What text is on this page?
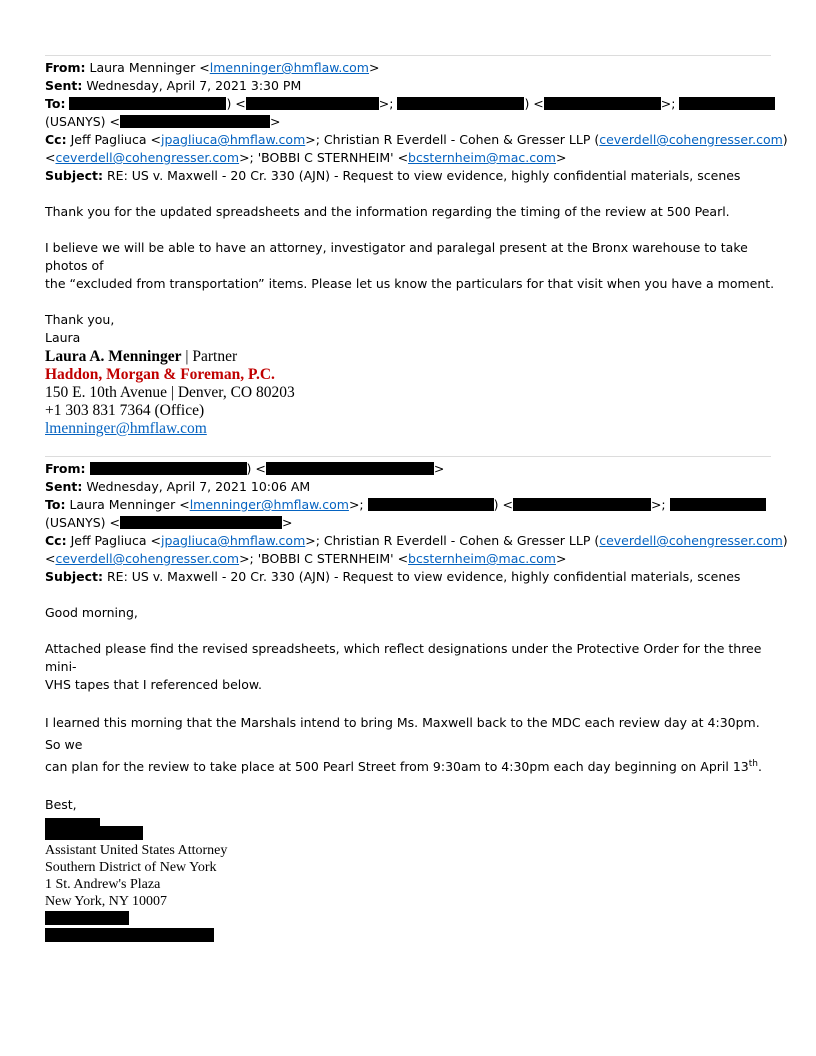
From: Laura Menninger <lmenninger@hmflaw.com>
Sent: Wednesday, April 7, 2021 3:30 PM
To:	) <	>;	) <	>;
(USANYS) <	>
Cc: Jeff Pagliuca <jpagliuca@hmflaw.com>; Christian R Everdell - Cohen & Gresser LLP (ceverdell@cohengresser.com)
<ceverdell@cohengresser.com>; 'BOBBI C STERNHEIM' <bcsternheim@mac.com>
Subject: RE: US v. Maxwell - 20 Cr. 330 (AJN) - Request to view evidence, highly confidential materials, scenes

Thank you for the updated spreadsheets and the information regarding the timing of the review at 500 Pearl.

I believe we will be able to have an attorney, investigator and paralegal present at the Bronx warehouse to take photos of
the “excluded from transportation” items. Please let us know the particulars for that visit when you have a moment.

Thank you,
Laura

Laura A. Menninger | Partner
Haddon, Morgan & Foreman, P.C.
150 E. 10th Avenue | Denver, CO 80203
+1 303 831 7364 (Office)
lmenninger@hmflaw.com
From:	) <	>
Sent: Wednesday, April 7, 2021 10:06 AM
To: Laura Menninger <lmenninger@hmflaw.com>;	) <	>;
(USANYS) <	>
Cc: Jeff Pagliuca <jpagliuca@hmflaw.com>; Christian R Everdell - Cohen & Gresser LLP (ceverdell@cohengresser.com)
<ceverdell@cohengresser.com>; 'BOBBI C STERNHEIM' <bcsternheim@mac.com>
Subject: RE: US v. Maxwell - 20 Cr. 330 (AJN) - Request to view evidence, highly confidential materials, scenes

Good morning,

Attached please find the revised spreadsheets, which reflect designations under the Protective Order for the three mini-
VHS tapes that I referenced below.

I learned this morning that the Marshals intend to bring Ms. Maxwell back to the MDC each review day at 4:30pm. So we
can plan for the review to take place at 500 Pearl Street from 9:30am to 4:30pm each day beginning on April 13th.

Best,

Assistant United States Attorney
Southern District of New York
1 St. Andrew's Plaza
New York, NY 10007
